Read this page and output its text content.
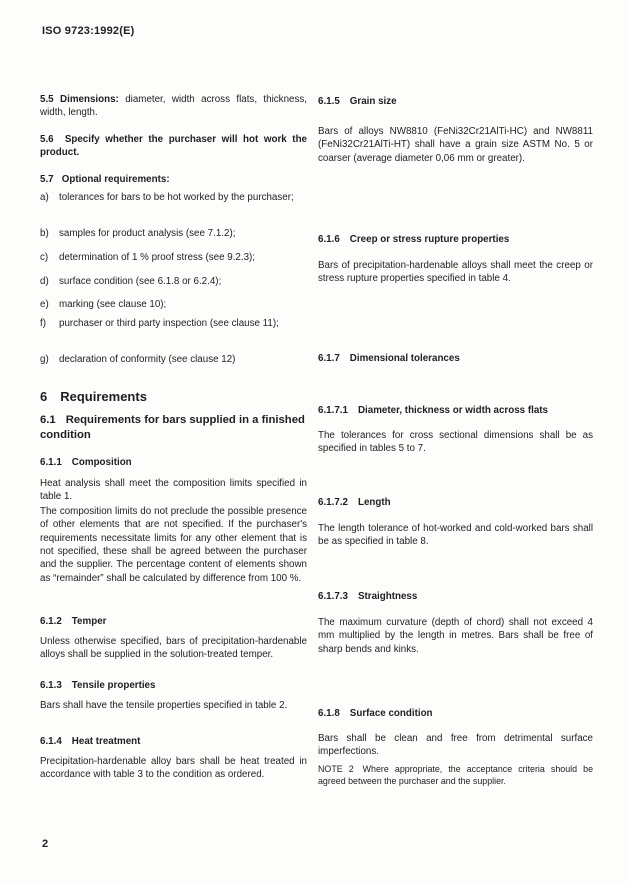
ISO 9723:1992(E)

5.5 Dimensions: diameter, width across flats, thickness, width, length.

5.6 Specify whether the purchaser will hot work the product.

5.7 Optional requirements:

a)	tolerances for bars to be hot worked by the purchaser;
b)	samples for product analysis (see 7.1.2);
c)	determination of 1 % proof stress (see 9.2.3);
d)	surface condition (see 6.1.8 or 6.2.4);
e)	marking (see clause 10);
f)	purchaser or third party inspection (see clause 11);
g)	declaration of conformity (see clause 12)

6 Requirements

6.1 Requirements for bars supplied in a finished condition

6.1.1 Composition

Heat analysis shall meet the composition limits specified in table 1.

The composition limits do not preclude the possible presence of other elements that are not specified. If the purchaser's requirements necessitate limits for any other element that is not specified, these shall be agreed between the purchaser and the supplier. The percentage content of elements shown as “remainder” shall be calculated by difference from 100 %.

6.1.2 Temper

Unless otherwise specified, bars of precipitation-hardenable alloys shall be supplied in the solution-treated temper.

6.1.3 Tensile properties

Bars shall have the tensile properties specified in table 2.

6.1.4 Heat treatment

Precipitation-hardenable alloy bars shall be heat treated in accordance with table 3 to the condition as ordered.

6.1.5 Grain size

Bars of alloys NW8810 (FeNi32Cr21AlTi-HC) and NW8811 (FeNi32Cr21AlTi-HT) shall have a grain size ASTM No. 5 or coarser (average diameter 0,06 mm or greater).

6.1.6 Creep or stress rupture properties

Bars of precipitation-hardenable alloys shall meet the creep or stress rupture properties specified in table 4.

6.1.7 Dimensional tolerances

6.1.7.1 Diameter, thickness or width across flats

The tolerances for cross sectional dimensions shall be as specified in tables 5 to 7.

6.1.7.2 Length

The length tolerance of hot-worked and cold-worked bars shall be as specified in table 8.

6.1.7.3 Straightness

The maximum curvature (depth of chord) shall not exceed 4 mm multiplied by the length in metres. Bars shall be free of sharp bends and kinks.

6.1.8 Surface condition

Bars shall be clean and free from detrimental surface imperfections.

NOTE 2 Where appropriate, the acceptance criteria should be agreed between the purchaser and the supplier.

2
